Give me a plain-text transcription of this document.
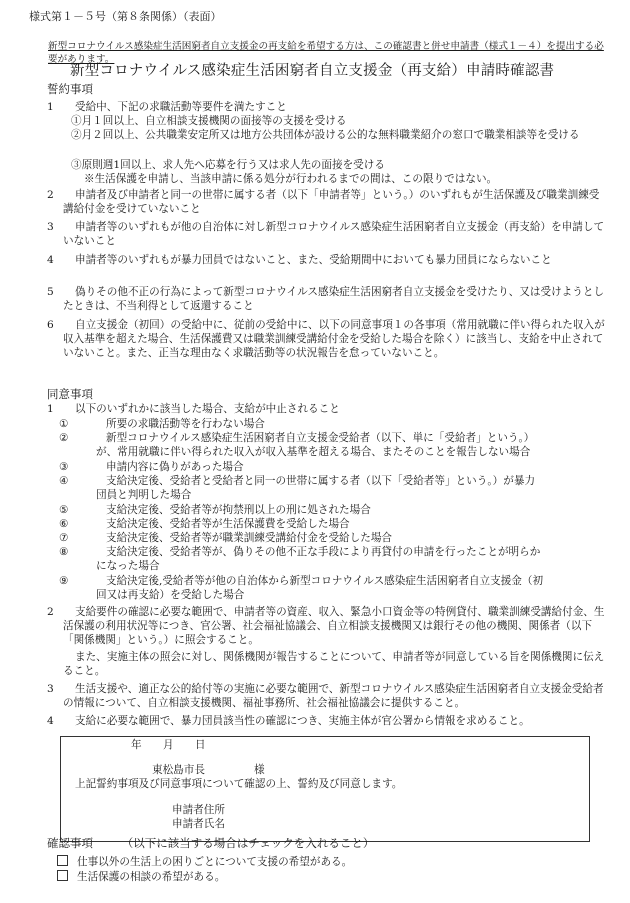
様式第１－５号（第８条関係）（表面）
新型コロナウイルス感染症生活困窮者自立支援金の再支給を希望する方は、この確認書と併せ申請書（様式１－４）を提出する必要があります。
新型コロナウイルス感染症生活困窮者自立支援金（再支給）申請時確認書
誓約事項
1	受給中、下記の求職活動等要件を満たすこと
①月１回以上、自立相談支援機関の面接等の支援を受ける
②月２回以上、公共職業安定所又は地方公共団体が設ける公的な無料職業紹介の窓口で職業相談等を受ける
③原則週1回以上、求人先へ応募を行う又は求人先の面接を受ける
※生活保護を申請し、当該申請に係る処分が行われるまでの間は、この限りではない。
2	申請者及び申請者と同一の世帯に属する者（以下「申請者等」という。）のいずれもが生活保護及び職業訓練受講給付金を受けていないこと
3	申請者等のいずれもが他の自治体に対し新型コロナウイルス感染症生活困窮者自立支援金（再支給）を申請していないこと
4	申請者等のいずれもが暴力団員ではないこと、また、受給期間中においても暴力団員にならないこと
5	偽りその他不正の行為によって新型コロナウイルス感染症生活困窮者自立支援金を受けたり、又は受けようとしたときは、不当利得として返還すること
6	自立支援金（初回）の受給中に、従前の受給中に、以下の同意事項１の各事項（常用就職に伴い得られた収入が収入基準を超えた場合、生活保護費又は職業訓練受講給付金を受給した場合を除く）に該当し、支給を中止されていないこと。また、正当な理由なく求職活動等の状況報告を怠っていないこと。
同意事項
1	以下のいずれかに該当した場合、支給が中止されること
①	所要の求職活動等を行わない場合
②	新型コロナウイルス感染症生活困窮者自立支援金受給者（以下、単に「受給者」という。）
が、常用就職に伴い得られた収入が収入基準を超える場合、またそのことを報告しない場合
③	申請内容に偽りがあった場合
④	支給決定後、受給者と受給者と同一の世帯に属する者（以下「受給者等」という。）が暴力
団員と判明した場合
⑤	支給決定後、受給者等が拘禁刑以上の刑に処された場合
⑥	支給決定後、受給者等が生活保護費を受給した場合
⑦	支給決定後、受給者等が職業訓練受講給付金を受給した場合
⑧	支給決定後、受給者等が、偽りその他不正な手段により再貸付の申請を行ったことが明らか
になった場合
⑨	支給決定後,受給者等が他の自治体から新型コロナウイルス感染症生活困窮者自立支援金（初
回又は再支給）を受給した場合
2	支給要件の確認に必要な範囲で、申請者等の資産、収入、緊急小口資金等の特例貸付、職業訓練受講給付金、生活保護の利用状況等につき、官公署、社会福祉協議会、自立相談支援機関又は銀行その他の機関、関係者（以下「関係機関」という。）に照会すること。
また、実施主体の照会に対し、関係機関が報告することについて、申請者等が同意している旨を関係機関に伝えること。
3	生活支援や、適正な公的給付等の実施に必要な範囲で、新型コロナウイルス感染症生活困窮者自立支援金受給者の情報について、自立相談支援機関、福祉事務所、社会福祉協議会に提供すること。
4	支給に必要な範囲で、暴力団員該当性の確認につき、実施主体が官公署から情報を求めること。
年 月 日
東松島市長	様
上記誓約事項及び同意事項について確認の上、誓約及び同意します。
申請者住所
申請者氏名
確認事項　　　	（以下に該当する場合はチェックを入れること）
仕事以外の生活上の困りごとについて支援の希望がある。
生活保護の相談の希望がある。
